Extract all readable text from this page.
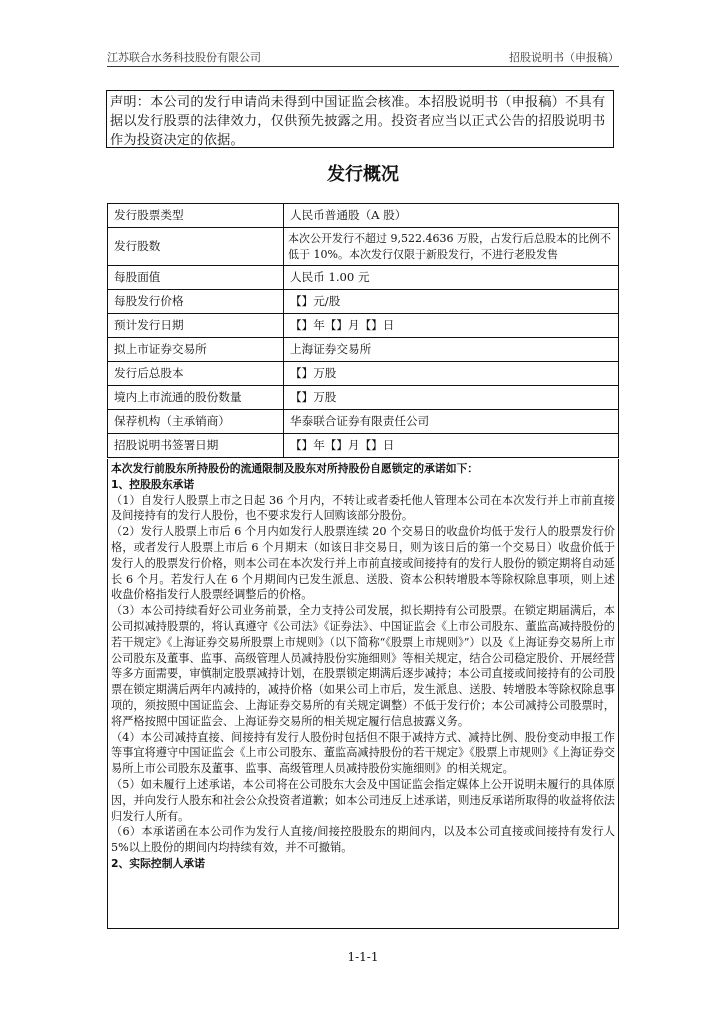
江苏联合水务科技股份有限公司	招股说明书（申报稿）
声明：本公司的发行申请尚未得到中国证监会核准。本招股说明书（申报稿）不具有据以发行股票的法律效力，仅供预先披露之用。投资者应当以正式公告的招股说明书作为投资决定的依据。
发行概况
发行股票类型	人民币普通股（A 股）
发行股数	本次公开发行不超过 9,522.4636 万股，占发行后总股本的比例不低于 10%。本次发行仅限于新股发行，不进行老股发售
每股面值	人民币 1.00 元
每股发行价格	【】元/股
预计发行日期	【】年【】月【】日
拟上市证券交易所	上海证券交易所
发行后总股本	【】万股
境内上市流通的股份数量	【】万股
保荐机构（主承销商）	华泰联合证券有限责任公司
招股说明书签署日期	【】年【】月【】日

本次发行前股东所持股份的流通限制及股东对所持股份自愿锁定的承诺如下：

1、控股股东承诺

（1）自发行人股票上市之日起 36 个月内，不转让或者委托他人管理本公司在本次发行并上市前直接及间接持有的发行人股份，也不要求发行人回购该部分股份。

（2）发行人股票上市后 6 个月内如发行人股票连续 20 个交易日的收盘价均低于发行人的股票发行价格，或者发行人股票上市后 6 个月期末（如该日非交易日，则为该日后的第一个交易日）收盘价低于发行人的股票发行价格，则本公司在本次发行并上市前直接或间接持有的发行人股份的锁定期将自动延长 6 个月。若发行人在 6 个月期间内已发生派息、送股、资本公积转增股本等除权除息事项，则上述收盘价格指发行人股票经调整后的价格。

（3）本公司持续看好公司业务前景，全力支持公司发展，拟长期持有公司股票。在锁定期届满后，本公司拟减持股票的，将认真遵守《公司法》《证券法》、中国证监会《上市公司股东、董监高减持股份的若干规定》《上海证券交易所股票上市规则》（以下简称“《股票上市规则》”）以及《上海证券交易所上市公司股东及董事、监事、高级管理人员减持股份实施细则》等相关规定，结合公司稳定股价、开展经营等多方面需要，审慎制定股票减持计划，在股票锁定期满后逐步减持；本公司直接或间接持有的公司股票在锁定期满后两年内减持的，减持价格（如果公司上市后，发生派息、送股、转增股本等除权除息事项的，须按照中国证监会、上海证券交易所的有关规定调整）不低于发行价；本公司减持公司股票时，将严格按照中国证监会、上海证券交易所的相关规定履行信息披露义务。

（4）本公司减持直接、间接持有发行人股份时包括但不限于减持方式、减持比例、股份变动申报工作等事宜将遵守中国证监会《上市公司股东、董监高减持股份的若干规定》《股票上市规则》《上海证券交易所上市公司股东及董事、监事、高级管理人员减持股份实施细则》的相关规定。

（5）如未履行上述承诺，本公司将在公司股东大会及中国证监会指定媒体上公开说明未履行的具体原因，并向发行人股东和社会公众投资者道歉；如本公司违反上述承诺，则违反承诺所取得的收益将依法归发行人所有。

（6）本承诺函在本公司作为发行人直接/间接控股股东的期间内，以及本公司直接或间接持有发行人 5%以上股份的期间内均持续有效，并不可撤销。

2、实际控制人承诺

1-1-1
